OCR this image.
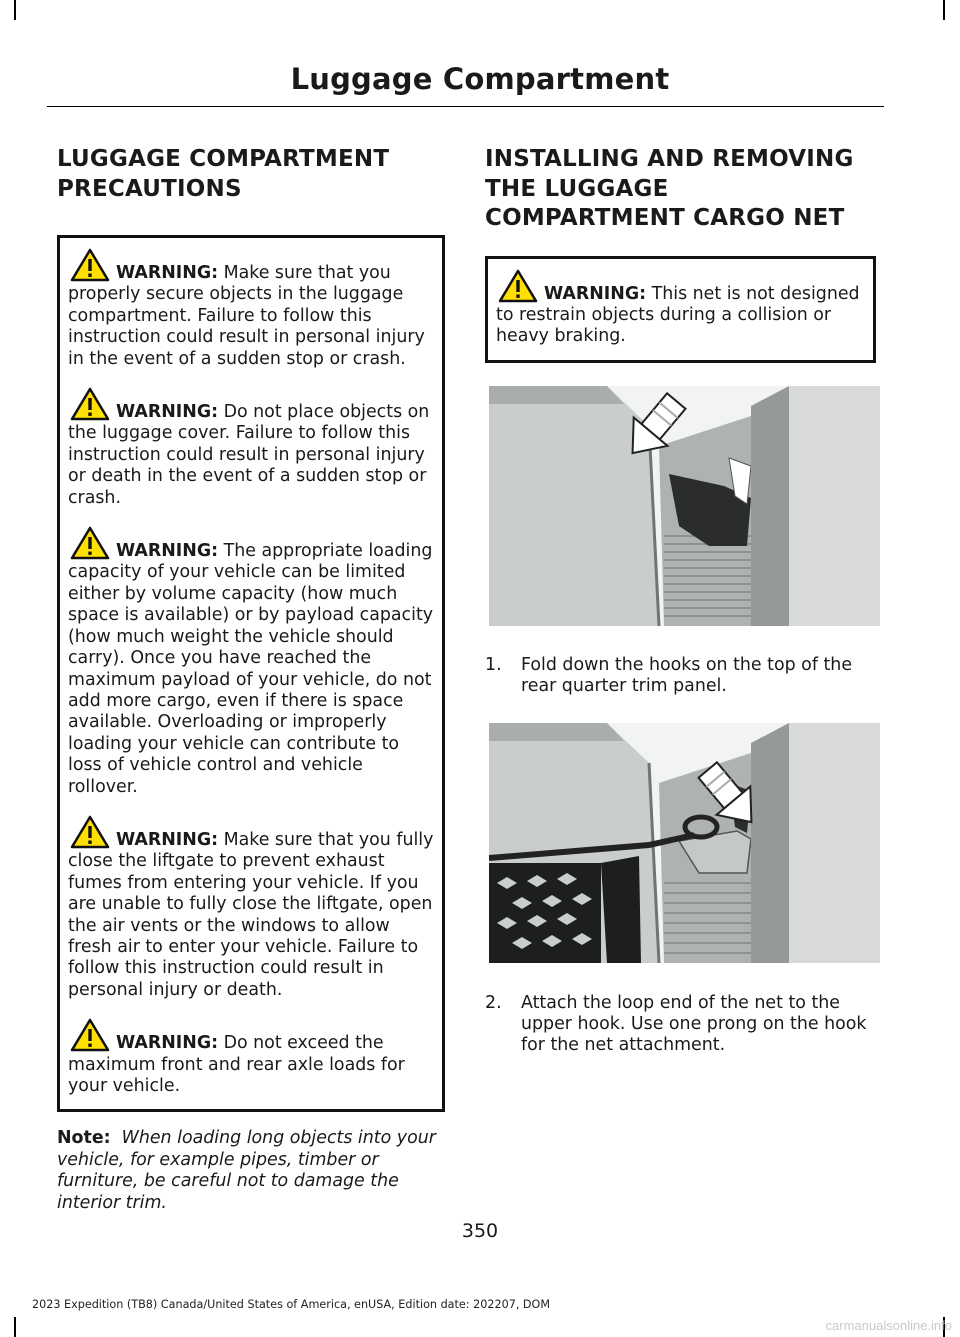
Luggage Compartment
LUGGAGE COMPARTMENT
PRECAUTIONS

WARNING: Make sure that you properly secure objects in the luggage compartment. Failure to follow this instruction could result in personal injury in the event of a sudden stop or crash.

WARNING: Do not place objects on the luggage cover. Failure to follow this instruction could result in personal injury or death in the event of a sudden stop or crash.

WARNING: The appropriate loading capacity of your vehicle can be limited either by volume capacity (how much space is available) or by payload capacity (how much weight the vehicle should carry). Once you have reached the maximum payload of your vehicle, do not add more cargo, even if there is space available. Overloading or improperly loading your vehicle can contribute to loss of vehicle control and vehicle rollover.

WARNING: Make sure that you fully close the liftgate to prevent exhaust fumes from entering your vehicle. If you are unable to fully close the liftgate, open the air vents or the windows to allow fresh air to enter your vehicle. Failure to follow this instruction could result in personal injury or death.

WARNING: Do not exceed the maximum front and rear axle loads for your vehicle.

Note: When loading long objects into your vehicle, for example pipes, timber or furniture, be careful not to damage the interior trim.

INSTALLING AND REMOVING
THE LUGGAGE
COMPARTMENT CARGO NET

WARNING: This net is not designed to restrain objects during a collision or heavy braking.

1.	Fold down the hooks on the top of the rear quarter trim panel.
2.	Attach the loop end of the net to the upper hook. Use one prong on the hook for the net attachment.
350
2023 Expedition (TB8) Canada/United States of America, enUSA, Edition date: 202207, DOM
carmanualsonline.info
